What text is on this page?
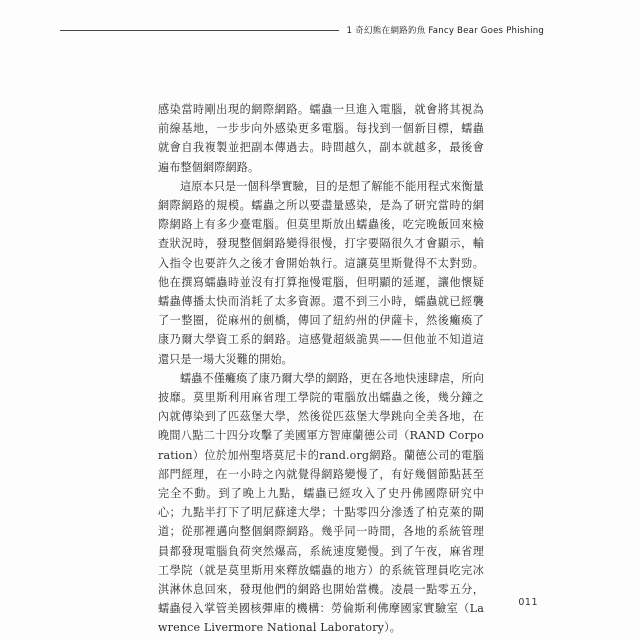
1 奇幻熊在網路釣魚 Fancy Bear Goes Phishing

感染當時剛出現的網際網路。蠕蟲一旦進入電腦，就會將其視為前線基地，一步步向外感染更多電腦。每找到一個新目標，蠕蟲就會自我複製並把副本傳過去。時間越久，副本就越多，最後會遍布整個網際網路。

這原本只是一個科學實驗，目的是想了解能不能用程式來衡量網際網路的規模。蠕蟲之所以要盡量感染，是為了研究當時的網際網路上有多少臺電腦。但莫里斯放出蠕蟲後，吃完晚飯回來檢查狀況時，發現整個網路變得很慢，打字要隔很久才會顯示，輸入指令也要許久之後才會開始執行。這讓莫里斯覺得不太對勁。他在撰寫蠕蟲時並沒有打算拖慢電腦，但明顯的延遲，讓他懷疑蠕蟲傳播太快而消耗了太多資源。還不到三小時，蠕蟲就已經襲了一整圈，從麻州的劍橋，傳回了紐約州的伊薩卡，然後癱瘓了康乃爾大學資工系的網路。這感覺超級詭異——但他並不知道這還只是一場大災難的開始。

蠕蟲不僅癱瘓了康乃爾大學的網路，更在各地快速肆虐，所向披靡。莫里斯利用麻省理工學院的電腦放出蠕蟲之後，幾分鐘之內就傳染到了匹茲堡大學，然後從匹茲堡大學跳向全美各地，在晚間八點二十四分攻擊了美國軍方智庫蘭德公司（RAND Corporation）位於加州聖塔莫尼卡的rand.org網路。蘭德公司的電腦部門經理，在一小時之內就覺得網路變慢了，有好幾個節點甚至完全不動。到了晚上九點，蠕蟲已經攻入了史丹佛國際研究中心；九點半打下了明尼蘇達大學；十點零四分滲透了柏克萊的閘道；從那裡邁向整個網際網路。幾乎同一時間，各地的系統管理員都發現電腦負荷突然爆高，系統速度變慢。到了午夜，麻省理工學院（就是莫里斯用來釋放蠕蟲的地方）的系統管理員吃完冰淇淋休息回來，發現他們的網路也開始當機。凌晨一點零五分，蠕蟲侵入掌管美國核彈庫的機構：勞倫斯利佛摩國家實驗室（Lawrence Livermore National Laboratory）。

011
